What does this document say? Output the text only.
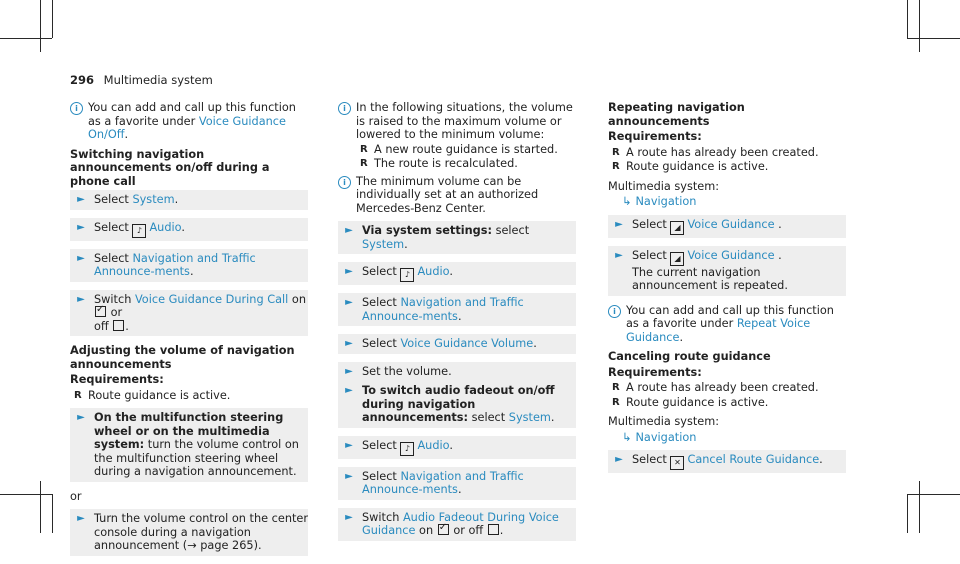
296 Multimedia system
i You can add and call up this function as a favorite under Voice Guidance On/Off.
Switching navigation announcements on/off during a phone call
► Select System.
► Select ♪ Audio.
► Select Navigation and Traffic Announce-ments.
► Switch Voice Guidance During Call on ✓ or
off .
Adjusting the volume of navigation announcements
Requirements:
R Route guidance is active.
► On the multifunction steering wheel or on the multimedia system: turn the volume control on the multifunction steering wheel during a navigation announcement.
or
► Turn the volume control on the center console during a navigation announcement (→ page 265).
i In the following situations, the volume is raised to the maximum volume or lowered to the minimum volume:
R A new route guidance is started.
R The route is recalculated.
i The minimum volume can be individually set at an authorized Mercedes-Benz Center.
► Via system settings: select System.
► Select ♪ Audio.
► Select Navigation and Traffic Announce-ments.
► Select Voice Guidance Volume.
► Set the volume.
► To switch audio fadeout on/off during navigation announcements: select System.
► Select ♪ Audio.
► Select Navigation and Traffic Announce-ments.
► Switch Audio Fadeout During Voice Guidance on ✓ or off .
Repeating navigation announcements
Requirements:
R A route has already been created.
R Route guidance is active.
Multimedia system:
↳ Navigation
► Select ◢ Voice Guidance .
► Select ◢ Voice Guidance .
The current navigation announcement is repeated.
i You can add and call up this function as a favorite under Repeat Voice Guidance.
Canceling route guidance
Requirements:
R A route has already been created.
R Route guidance is active.
Multimedia system:
↳ Navigation
► Select ✕ Cancel Route Guidance.
